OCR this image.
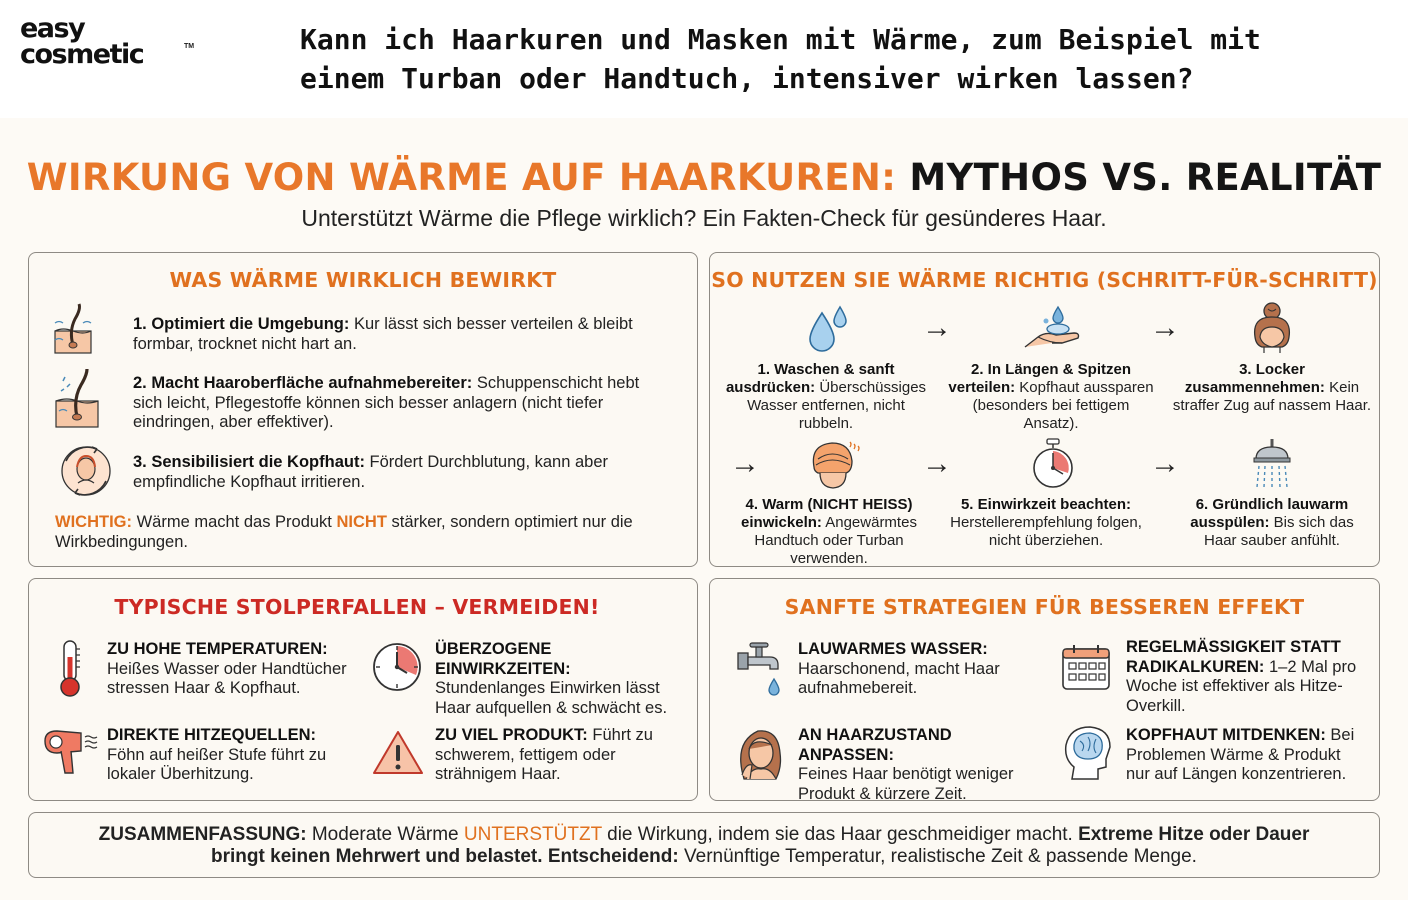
easy
cosmetic	TM	Kann ich Haarkuren und Masken mit Wärme, zum Beispiel mit einem Turban oder Handtuch, intensiver wirken lassen?
WIRKUNG VON WÄRME AUF HAARKUREN: MYTHOS VS. REALITÄT
Unterstützt Wärme die Pflege wirklich? Ein Fakten-Check für gesünderes Haar.
WAS WÄRME WIRKLICH BEWIRKT
1. Optimiert die Umgebung: Kur lässt sich besser verteilen & bleibt formbar, trocknet nicht hart an.
2. Macht Haaroberfläche aufnahmebereiter: Schuppenschicht hebt sich leicht, Pflegestoffe können sich besser anlagern (nicht tiefer eindringen, aber effektiver).
3. Sensibilisiert die Kopfhaut: Fördert Durchblutung, kann aber empfindliche Kopfhaut irritieren.
WICHTIG: Wärme macht das Produkt NICHT stärker, sondern optimiert nur die Wirkbedingungen.
SO NUTZEN SIE WÄRME RICHTIG (SCHRITT-FÜR-SCHRITT)
1. Waschen & sanft ausdrücken: Überschüssiges Wasser entfernen, nicht rubbeln.
→
2. In Längen & Spitzen verteilen: Kopfhaut aussparen (besonders bei fettigem Ansatz).
→
3. Locker zusammennehmen: Kein straffer Zug auf nassem Haar.
→
4. Warm (NICHT HEISS) einwickeln: Angewärmtes Handtuch oder Turban verwenden.
→
5. Einwirkzeit beachten: Herstellerempfehlung folgen, nicht überziehen.
→
6. Gründlich lauwarm ausspülen: Bis sich das Haar sauber anfühlt.
TYPISCHE STOLPERFALLEN – VERMEIDEN!
ZU HOHE TEMPERATUREN:
Heißes Wasser oder Handtücher stressen Haar & Kopfhaut.
ÜBERZOGENE EINWIRKZEITEN:
Stundenlanges Einwirken lässt Haar aufquellen & schwächt es.
DIREKTE HITZEQUELLEN:
Föhn auf heißer Stufe führt zu lokaler Überhitzung.
ZU VIEL PRODUKT: Führt zu schwerem, fettigem oder strähnigem Haar.
SANFTE STRATEGIEN FÜR BESSEREN EFFEKT
LAUWARMES WASSER:
Haarschonend, macht Haar aufnahmebereit.
REGELMÄSSIGKEIT STATT RADIKALKUREN: 1–2 Mal pro Woche ist effektiver als Hitze-Overkill.
AN HAARZUSTAND ANPASSEN:
Feines Haar benötigt weniger Produkt & kürzere Zeit.
KOPFHAUT MITDENKEN: Bei Problemen Wärme & Produkt nur auf Längen konzentrieren.
ZUSAMMENFASSUNG: Moderate Wärme UNTERSTÜTZT die Wirkung, indem sie das Haar geschmeidiger macht. Extreme Hitze oder Dauer bringt keinen Mehrwert und belastet. Entscheidend: Vernünftige Temperatur, realistische Zeit & passende Menge.
